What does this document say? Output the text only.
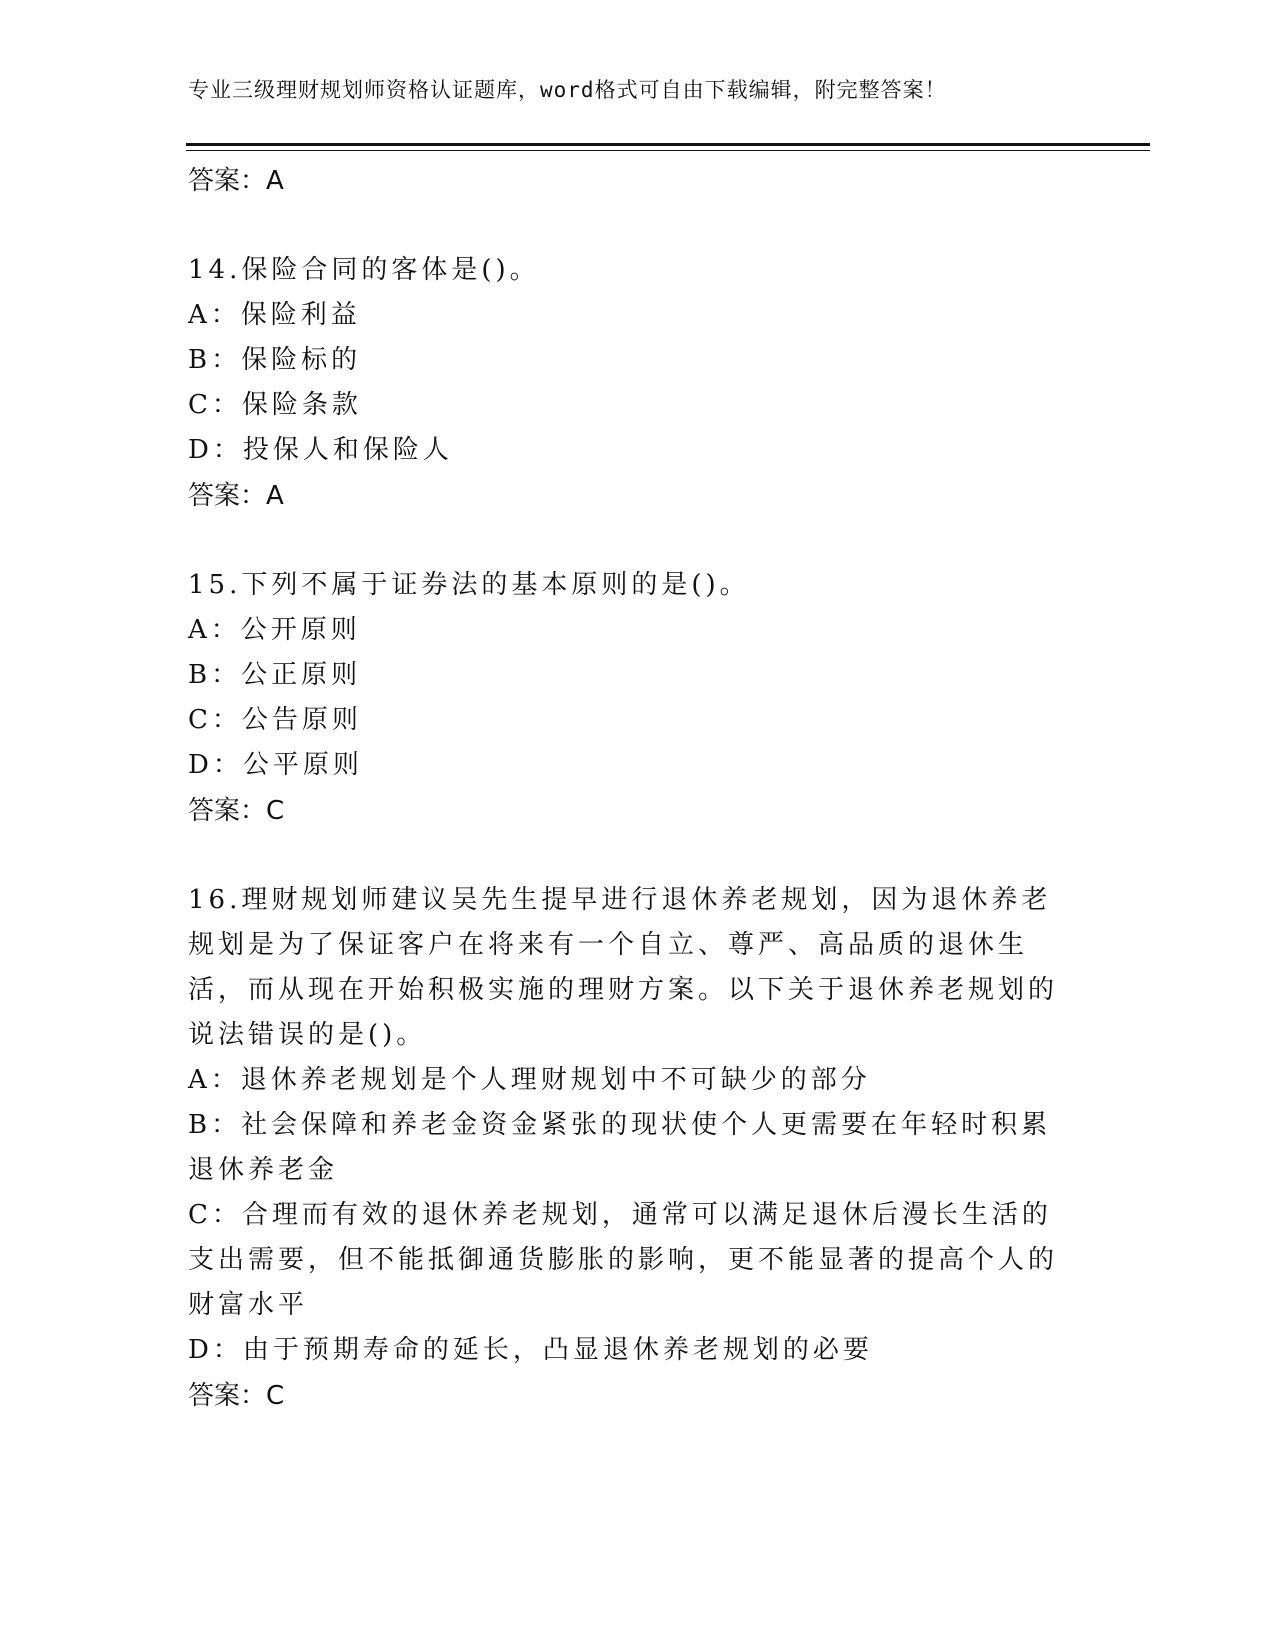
专业三级理财规划师资格认证题库，word格式可自由下载编辑，附完整答案！
答案：A

14.保险合同的客体是()。

A：保险利益

B：保险标的

C：保险条款

D：投保人和保险人

答案：A

15.下列不属于证券法的基本原则的是()。

A：公开原则

B：公正原则

C：公告原则

D：公平原则

答案：C

16.理财规划师建议吴先生提早进行退休养老规划，因为退休养老规划是为了保证客户在将来有一个自立、尊严、高品质的退休生活，而从现在开始积极实施的理财方案。以下关于退休养老规划的说法错误的是()。

A：退休养老规划是个人理财规划中不可缺少的部分

B：社会保障和养老金资金紧张的现状使个人更需要在年轻时积累退休养老金

C：合理而有效的退休养老规划，通常可以满足退休后漫长生活的支出需要，但不能抵御通货膨胀的影响，更不能显著的提高个人的财富水平

D：由于预期寿命的延长，凸显退休养老规划的必要

答案：C
